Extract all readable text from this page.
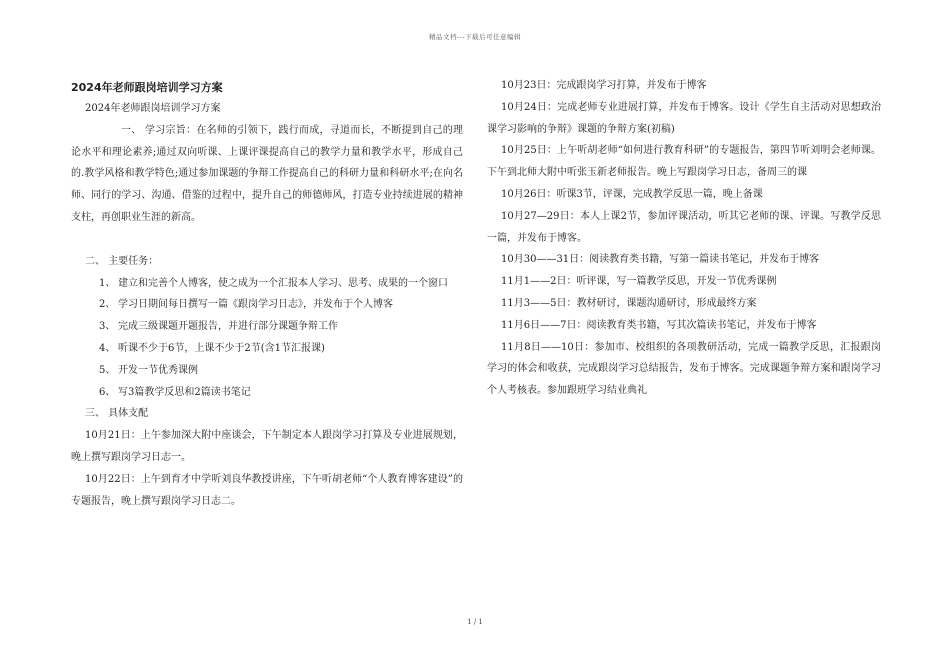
精品文档---下载后可任意编辑

2024年老师跟岗培训学习方案

2024年老师跟岗培训学习方案

一、 学习宗旨：在名师的引领下，践行而成，寻道而长，不断提到自己的理论水平和理论素养;通过双向听课、上课评课提高自己的教学力量和教学水平，形成自己的.教学风格和教学特色;通过参加课题的争辩工作提高自己的科研力量和科研水平;在向名师、同行的学习、沟通、借鉴的过程中，提升自己的师德师风，打造专业持续进展的精神支柱，再创职业生涯的新高。

二、 主要任务：

1、 建立和完善个人博客，使之成为一个汇报本人学习、思考、成果的一个窗口

2、 学习日期间每日撰写一篇《跟岗学习日志》，并发布于个人博客

3、 完成三级课题开题报告，并进行部分课题争辩工作

4、 听课不少于6节，上课不少于2节(含1节汇报课)

5、 开发一节优秀课例

6、 写3篇教学反思和2篇读书笔记

三、 具体支配

10月21日：上午参加深大附中座谈会，下午制定本人跟岗学习打算及专业进展规划，晚上撰写跟岗学习日志一。

10月22日：上午到育才中学听刘良华教授讲座，下午听胡老师“个人教育博客建设”的专题报告，晚上撰写跟岗学习日志二。

10月23日：完成跟岗学习打算，并发布于博客

10月24日：完成老师专业进展打算，并发布于博客。设计《学生自主活动对思想政治课学习影响的争辩》课题的争辩方案(初稿)

10月25日：上午听胡老师“如何进行教育科研”的专题报告，第四节听刘明会老师课。下午到北师大附中听张玉新老师报告。晚上写跟岗学习日志，备周三的课

10月26日：听课3节，评课，完成教学反思一篇，晚上备课

10月27—29日：本人上课2节，参加评课活动，听其它老师的课、评课。写教学反思一篇，并发布于博客。

10月30——31日：阅读教育类书籍，写第一篇读书笔记，并发布于博客

11月1——2日：听评课，写一篇教学反思，开发一节优秀课例

11月3——5日：教材研讨，课题沟通研讨，形成最终方案

11月6日——7日：阅读教育类书籍，写其次篇读书笔记，并发布于博客

11月8日——10日：参加市、校组织的各项教研活动，完成一篇教学反思，汇报跟岗学习的体会和收获，完成跟岗学习总结报告，发布于博客。完成课题争辩方案和跟岗学习个人考核表。参加跟班学习结业典礼

1 / 1
